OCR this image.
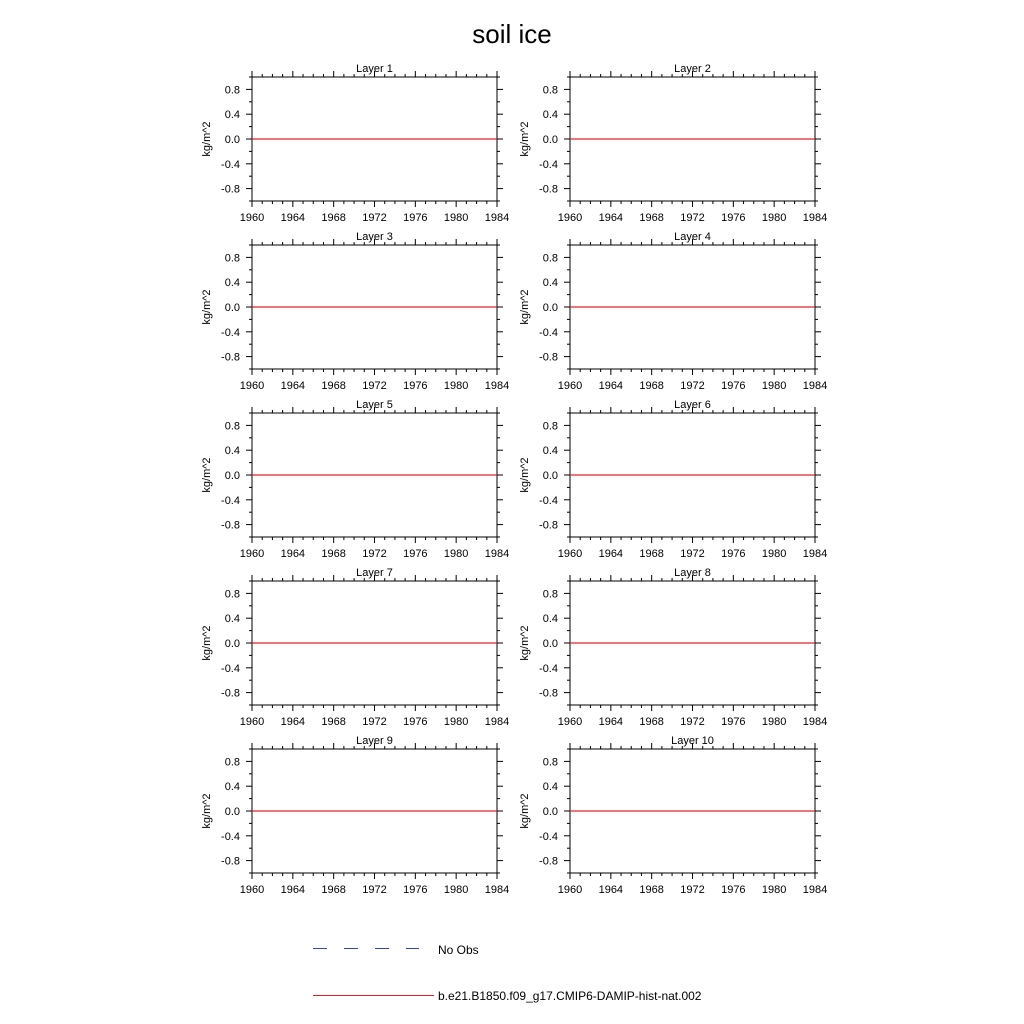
soil ice
Layer 1
1960 1964 1968 1972 1976 1980 1984
0.8
0.4
0.0
-0.4
-0.8
kg/m^2
Layer 2
1960 1964 1968 1972 1976 1980 1984
0.8
0.4
0.0
-0.4
-0.8
kg/m^2
Layer 3
1960 1964 1968 1972 1976 1980 1984
0.8
0.4
0.0
-0.4
-0.8
kg/m^2
Layer 4
1960 1964 1968 1972 1976 1980 1984
0.8
0.4
0.0
-0.4
-0.8
kg/m^2
Layer 5
1960 1964 1968 1972 1976 1980 1984
0.8
0.4
0.0
-0.4
-0.8
kg/m^2
Layer 6
1960 1964 1968 1972 1976 1980 1984
0.8
0.4
0.0
-0.4
-0.8
kg/m^2
Layer 7
1960 1964 1968 1972 1976 1980 1984
0.8
0.4
0.0
-0.4
-0.8
kg/m^2
Layer 8
1960 1964 1968 1972 1976 1980 1984
0.8
0.4
0.0
-0.4
-0.8
kg/m^2
Layer 9
1960 1964 1968 1972 1976 1980 1984
0.8
0.4
0.0
-0.4
-0.8
kg/m^2
Layer 10
1960 1964 1968 1972 1976 1980 1984
0.8
0.4
0.0
-0.4
-0.8
kg/m^2
No Obs
b.e21.B1850.f09_g17.CMIP6-DAMIP-hist-nat.002
